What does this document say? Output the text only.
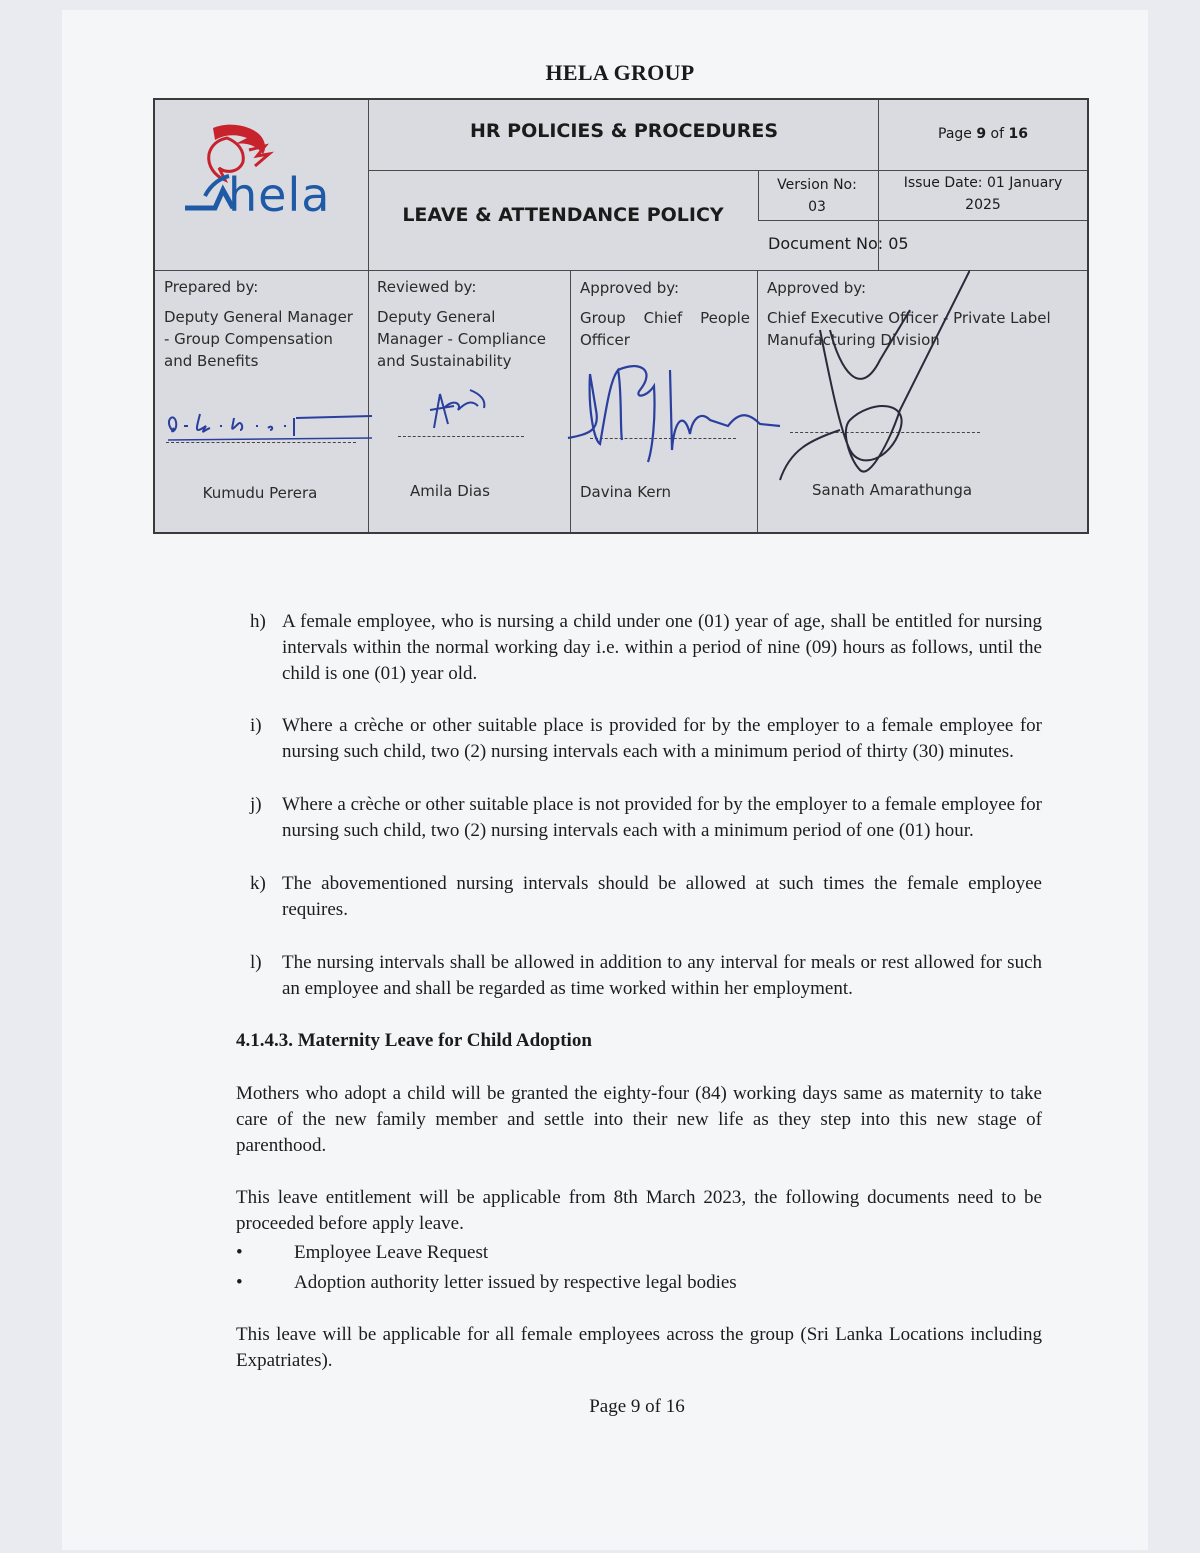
HELA GROUP
hela
HR POLICIES & PROCEDURES	Page 9 of 16
LEAVE & ATTENDANCE POLICY
Version No:
03
Issue Date: 01 January
2025
Document No: 05
Prepared by:
Deputy General Manager - Group Compensation and Benefits
Kumudu Perera
Reviewed by:
Deputy General Manager - Compliance and Sustainability
Amila Dias
Approved by:
Group Chief People Officer
Davina Kern
Approved by:
Chief Executive Officer - Private Label Manufacturing Division
Sanath Amarathunga
h) A female employee, who is nursing a child under one (01) year of age, shall be entitled for nursing intervals within the normal working day i.e. within a period of nine (09) hours as follows, until the child is one (01) year old.
i) Where a crèche or other suitable place is provided for by the employer to a female employee for nursing such child, two (2) nursing intervals each with a minimum period of thirty (30) minutes.
j) Where a crèche or other suitable place is not provided for by the employer to a female employee for nursing such child, two (2) nursing intervals each with a minimum period of one (01) hour.
k) The abovementioned nursing intervals should be allowed at such times the female employee requires.
l) The nursing intervals shall be allowed in addition to any interval for meals or rest allowed for such an employee and shall be regarded as time worked within her employment.
4.1.4.3. Maternity Leave for Child Adoption
Mothers who adopt a child will be granted the eighty-four (84) working days same as maternity to take care of the new family member and settle into their new life as they step into this new stage of parenthood.
This leave entitlement will be applicable from 8th March 2023, the following documents need to be proceeded before apply leave.
•	Employee Leave Request
•	Adoption authority letter issued by respective legal bodies
This leave will be applicable for all female employees across the group (Sri Lanka Locations including Expatriates).
Page 9 of 16
